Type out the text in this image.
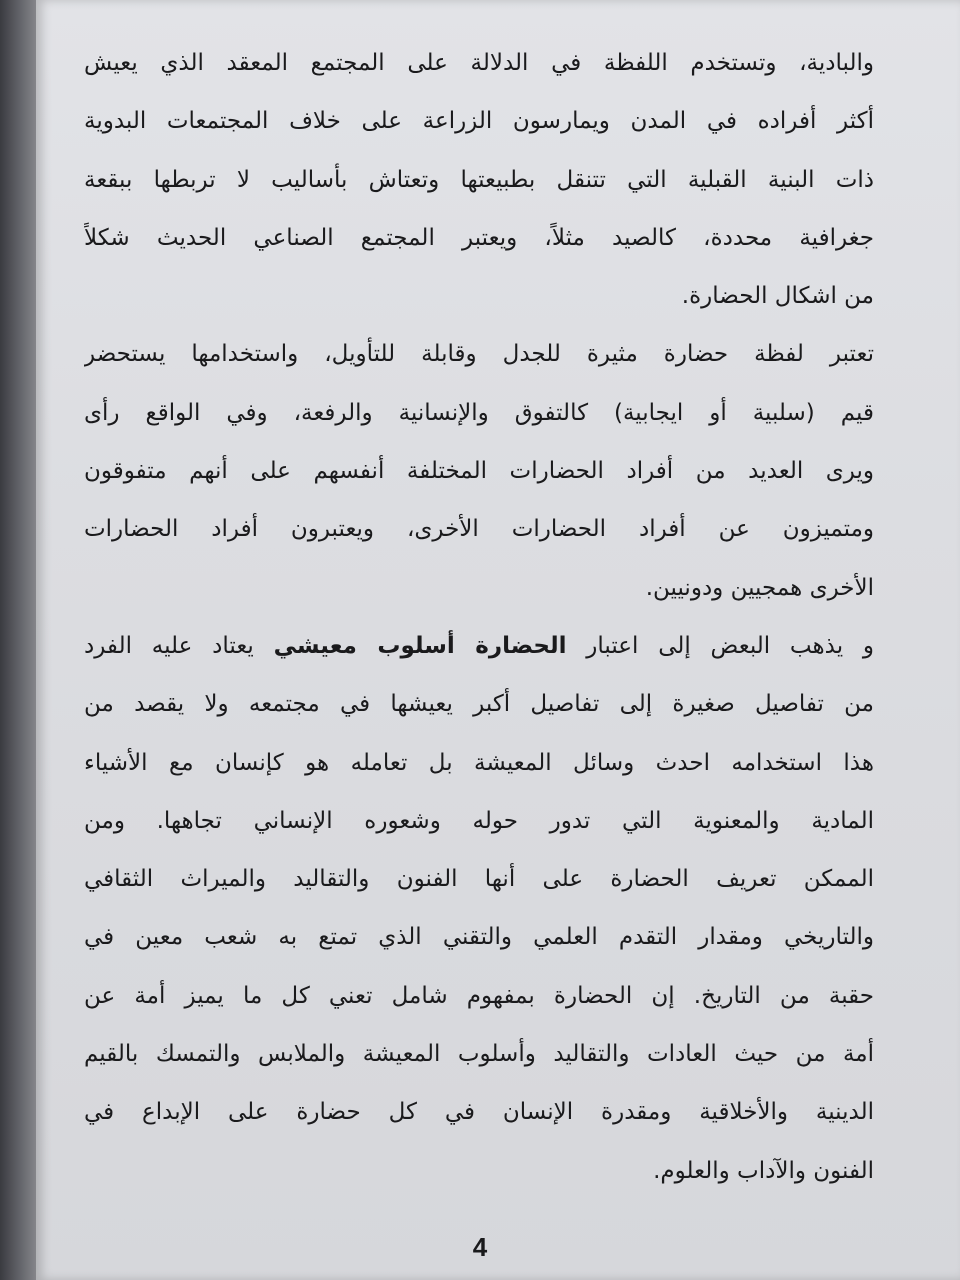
والبادية، وتستخدم اللفظة في الدلالة على المجتمع المعقد الذي يعيش
أكثر أفراده في المدن ويمارسون الزراعة على خلاف المجتمعات البدوية
ذات البنية القبلية التي تتنقل بطبيعتها وتعتاش بأساليب لا تربطها ببقعة
جغرافية محددة، كالصيد مثلاً، ويعتبر المجتمع الصناعي الحديث شكلاً
من اشكال الحضارة.
تعتبر لفظة حضارة مثيرة للجدل وقابلة للتأويل، واستخدامها يستحضر
قيم (سلبية أو ايجابية) كالتفوق والإنسانية والرفعة، وفي الواقع رأى
ويرى العديد من أفراد الحضارات المختلفة أنفسهم على أنهم متفوقون
ومتميزون عن أفراد الحضارات الأخرى، ويعتبرون أفراد الحضارات
الأخرى همجيين ودونيين.
و يذهب البعض إلى اعتبار الحضارة أسلوب معيشي يعتاد عليه الفرد
من تفاصيل صغيرة إلى تفاصيل أكبر يعيشها في مجتمعه ولا يقصد من
هذا استخدامه احدث وسائل المعيشة بل تعامله هو كإنسان مع الأشياء
المادية والمعنوية التي تدور حوله وشعوره الإنساني تجاهها. ومن
الممكن تعريف الحضارة على أنها الفنون والتقاليد والميراث الثقافي
والتاريخي ومقدار التقدم العلمي والتقني الذي تمتع به شعب معين في
حقبة من التاريخ. إن الحضارة بمفهوم شامل تعني كل ما يميز أمة عن
أمة من حيث العادات والتقاليد وأسلوب المعيشة والملابس والتمسك بالقيم
الدينية والأخلاقية ومقدرة الإنسان في كل حضارة على الإبداع في
الفنون والآداب والعلوم.
4
